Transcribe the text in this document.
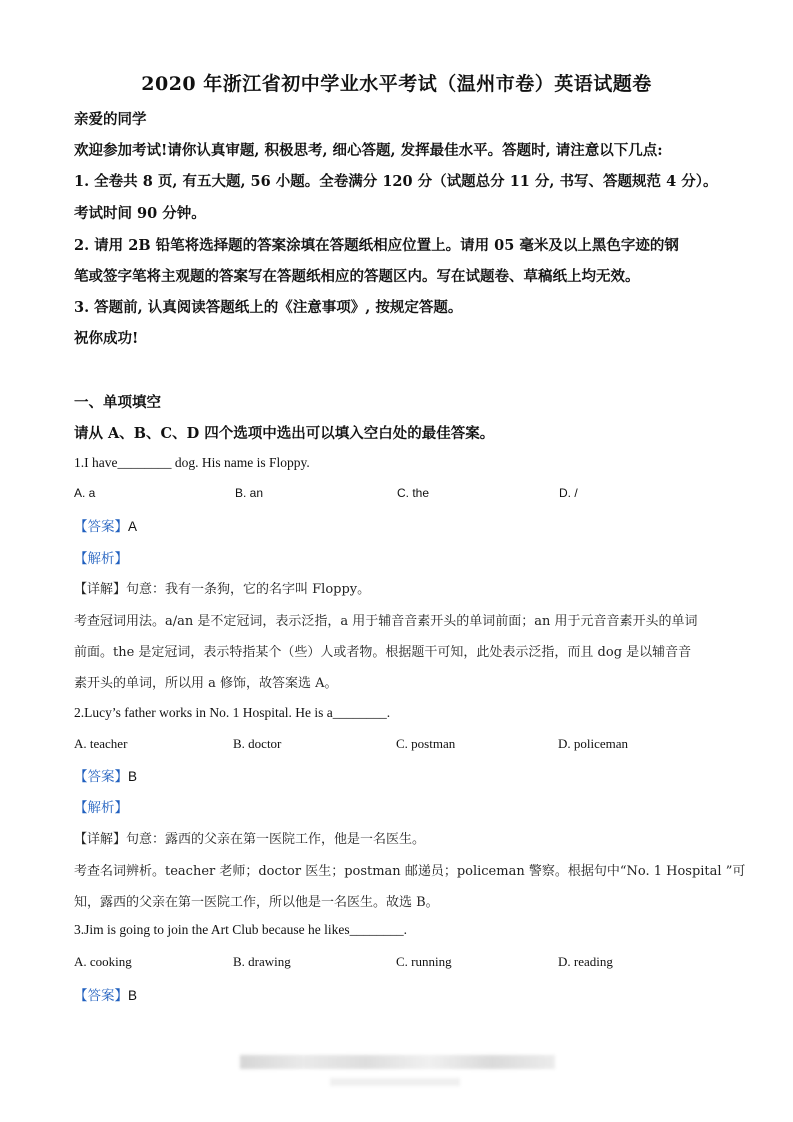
2020 年浙江省初中学业水平考试（温州市卷）英语试题卷
亲爱的同学
欢迎参加考试!请你认真审题, 积极思考, 细心答题, 发挥最佳水平。答题时, 请注意以下几点:
1. 全卷共 8 页, 有五大题, 56 小题。全卷满分 120 分（试题总分 11 分, 书写、答题规范 4 分）。
考试时间 90 分钟。
2. 请用 2B 铅笔将选择题的答案涂填在答题纸相应位置上。请用 05 毫米及以上黑色字迹的钢
笔或签字笔将主观题的答案写在答题纸相应的答题区内。写在试题卷、草稿纸上均无效。
3. 答题前, 认真阅读答题纸上的《注意事项》, 按规定答题。
祝你成功!
一、单项填空
请从 A、B、C、D 四个选项中选出可以填入空白处的最佳答案。
1.I have________ dog. His name is Floppy.
A. a	B. an	C. the	D. /
【答案】A
【解析】
【详解】句意：我有一条狗，它的名字叫 Floppy。
考查冠词用法。a/an 是不定冠词，表示泛指，a 用于辅音音素开头的单词前面；an 用于元音音素开头的单词
前面。the 是定冠词，表示特指某个（些）人或者物。根据题干可知，此处表示泛指，而且 dog 是以辅音音
素开头的单词，所以用 a 修饰，故答案选 A。
2.Lucy’s father works in No. 1 Hospital. He is a________.
A. teacher	B. doctor	C. postman	D. policeman
【答案】B
【解析】
【详解】句意：露西的父亲在第一医院工作，他是一名医生。
考查名词辨析。teacher 老师；doctor 医生；postman 邮递员；policeman 警察。根据句中“No. 1 Hospital ”可
知，露西的父亲在第一医院工作，所以他是一名医生。故选 B。
3.Jim is going to join the Art Club because he likes________.
A. cooking	B. drawing	C. running	D. reading
【答案】B
